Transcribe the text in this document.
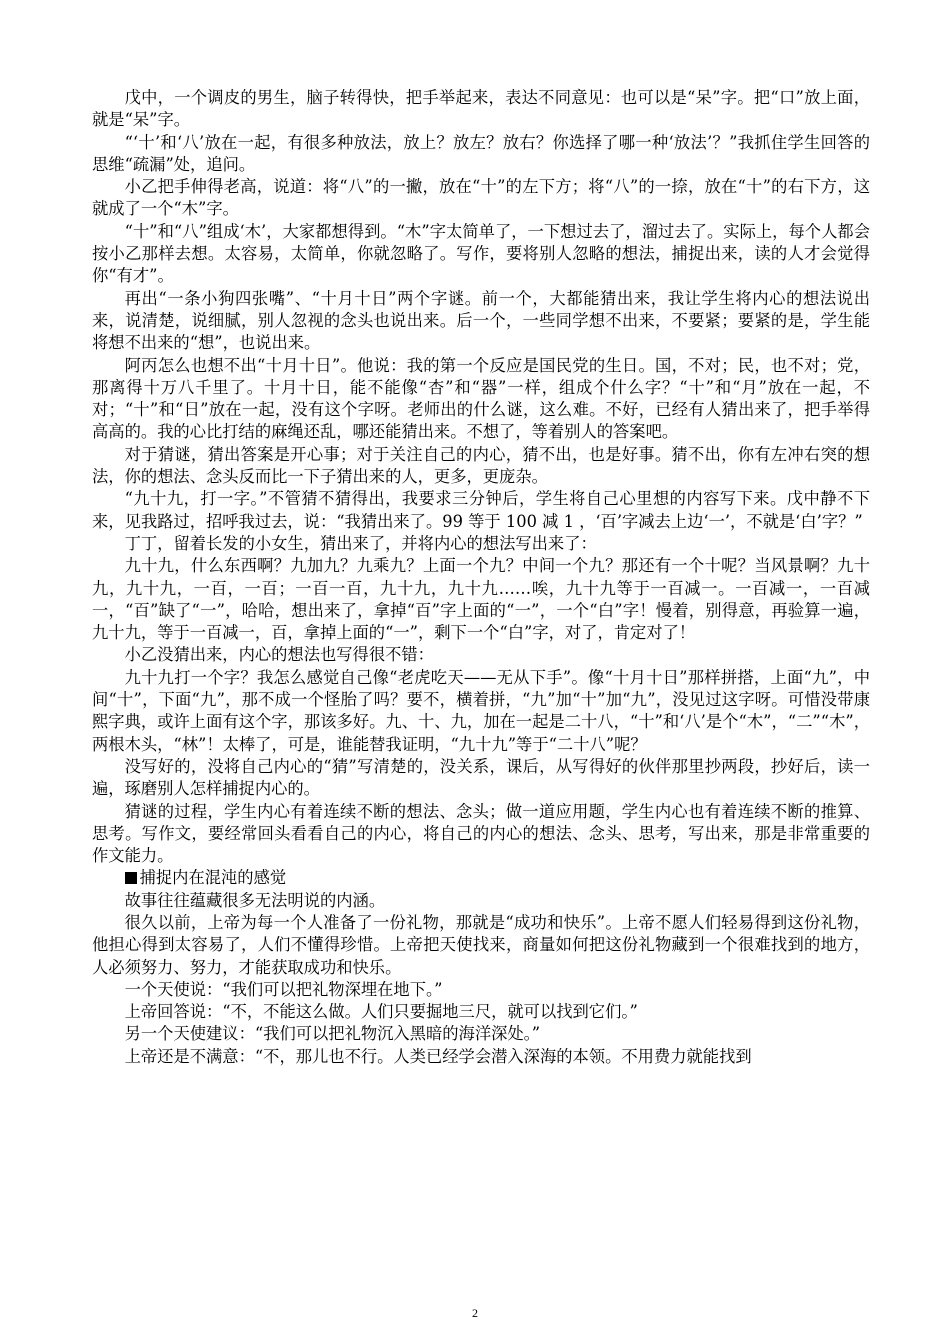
戊中，一个调皮的男生，脑子转得快，把手举起来，表达不同意见：也可以是“呆”字。把“口”放上面，就是“呆”字。

“‘十’和‘八’放在一起，有很多种放法，放上？放左？放右？你选择了哪一种‘放法’？”我抓住学生回答的思维“疏漏”处，追问。

小乙把手伸得老高，说道：将“八”的一撇，放在“十”的左下方；将“八”的一捺，放在“十”的右下方，这就成了一个“木”字。

“十”和“八”组成‘木’，大家都想得到。“木”字太简单了，一下想过去了，溜过去了。实际上，每个人都会按小乙那样去想。太容易，太简单，你就忽略了。写作，要将别人忽略的想法，捕捉出来，读的人才会觉得你“有才”。

再出“一条小狗四张嘴”、“十月十日”两个字谜。前一个，大都能猜出来，我让学生将内心的想法说出来，说清楚，说细腻，别人忽视的念头也说出来。后一个，一些同学想不出来，不要紧；要紧的是，学生能将想不出来的“想”，也说出来。

阿丙怎么也想不出“十月十日”。他说：我的第一个反应是国民党的生日。国，不对；民，也不对；党，那离得十万八千里了。十月十日，能不能像“杏”和“器”一样，组成个什么字？“十”和“月”放在一起，不对；“十”和“日”放在一起，没有这个字呀。老师出的什么谜，这么难。不好，已经有人猜出来了，把手举得高高的。我的心比打结的麻绳还乱，哪还能猜出来。不想了，等着别人的答案吧。

对于猜谜，猜出答案是开心事；对于关注自己的内心，猜不出，也是好事。猜不出，你有左冲右突的想法，你的想法、念头反而比一下子猜出来的人，更多，更庞杂。

“九十九，打一字。”不管猜不猜得出，我要求三分钟后，学生将自己心里想的内容写下来。戊中静不下来，见我路过，招呼我过去，说：“我猜出来了。99 等于 100 减 1 ，‘百’字减去上边‘一’，不就是‘白’字？”

丁丁，留着长发的小女生，猜出来了，并将内心的想法写出来了：

九十九，什么东西啊？九加九？九乘九？上面一个九？中间一个九？那还有一个十呢？当风景啊？九十九，九十九，一百，一百；一百一百，九十九，九十九……唉，九十九等于一百减一。一百减一，一百减一，“百”缺了“一”，哈哈，想出来了，拿掉“百”字上面的“一”，一个“白”字！慢着，别得意，再验算一遍，九十九，等于一百减一，百，拿掉上面的“一”，剩下一个“白”字，对了，肯定对了！

小乙没猜出来，内心的想法也写得很不错：

九十九打一个字？我怎么感觉自己像“老虎吃天——无从下手”。像“十月十日”那样拼搭，上面“九”，中间“十”，下面“九”，那不成一个怪胎了吗？要不，横着拼，“九”加“十”加“九”，没见过这字呀。可惜没带康熙字典，或许上面有这个字，那该多好。九、十、九，加在一起是二十八，“十”和‘八’是个“木”，“二”“木”，两根木头，“林”！太棒了，可是，谁能替我证明，“九十九”等于“二十八”呢？

没写好的，没将自己内心的“猜”写清楚的，没关系，课后，从写得好的伙伴那里抄两段，抄好后，读一遍，琢磨别人怎样捕捉内心的。

猜谜的过程，学生内心有着连续不断的想法、念头；做一道应用题，学生内心也有着连续不断的推算、思考。写作文，要经常回头看看自己的内心，将自己的内心的想法、念头、思考，写出来，那是非常重要的作文能力。

捕捉内在混沌的感觉

故事往往蕴藏很多无法明说的内涵。

很久以前，上帝为每一个人准备了一份礼物，那就是“成功和快乐”。上帝不愿人们轻易得到这份礼物，他担心得到太容易了，人们不懂得珍惜。上帝把天使找来，商量如何把这份礼物藏到一个很难找到的地方，人必须努力、努力，才能获取成功和快乐。

一个天使说：“我们可以把礼物深埋在地下。”

上帝回答说：“不，不能这么做。人们只要掘地三尺，就可以找到它们。”

另一个天使建议：“我们可以把礼物沉入黑暗的海洋深处。”

上帝还是不满意：“不，那儿也不行。人类已经学会潜入深海的本领。不用费力就能找到

2
